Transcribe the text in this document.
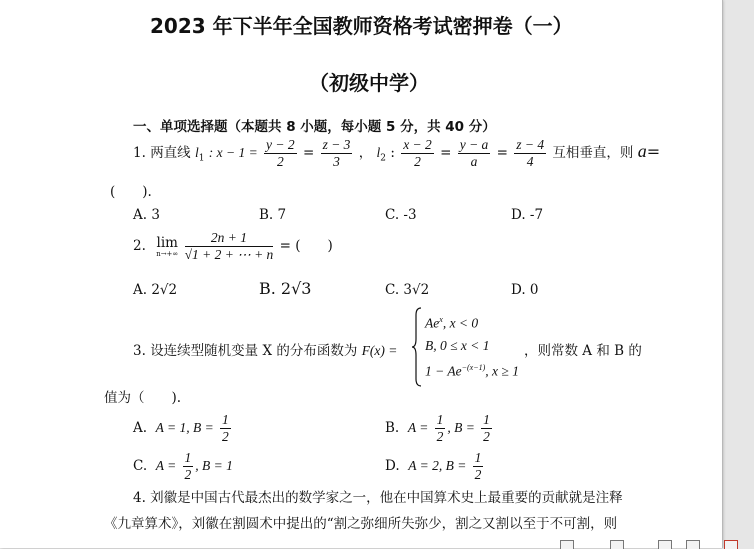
2023 年下半年全国教师资格考试密押卷（一）
（初级中学）
一、单项选择题（本题共 8 小题，每小题 5 分，共 40 分）
1. 两直线 $l_1$ : $x - 1 = \frac{y - 2}{2} = \frac{z - 3}{3}$ ， $l_2$ : $\frac{x - 2}{2} = \frac{y - a}{a} = \frac{z - 4}{4}$ 互相垂直，则 a=
(　　).
A. 3	B. 7	C. -3	D. -7
2. lim
n→+∞
$\frac{2n + 1}{√1 + 2 + \cdots + n}$ = (　　)
A. 2√2	B. 2√3	C. 3√2	D. 0
3. 设连续型随机变量 X 的分布函数为 F(x) =
$Ae^x$, x < 0
B, 0 ≤ x < 1
$1 - Ae^{-(x-1)}$, x ≥ 1
，则常数 A 和 B 的
值为（　　).
A. A = 1, $B = \frac{1}{2}$	B. $A = \frac{1}{2}$ , $B = \frac{1}{2}$
C. $A = \frac{1}{2}$ , B = 1	D. A = 2, $B = \frac{1}{2}$
4. 刘徽是中国古代最杰出的数学家之一，他在中国算术史上最重要的贡献就是注释
《九章算术》，刘徽在割圆术中提出的“割之弥细所失弥少，割之又割以至于不可割，则
